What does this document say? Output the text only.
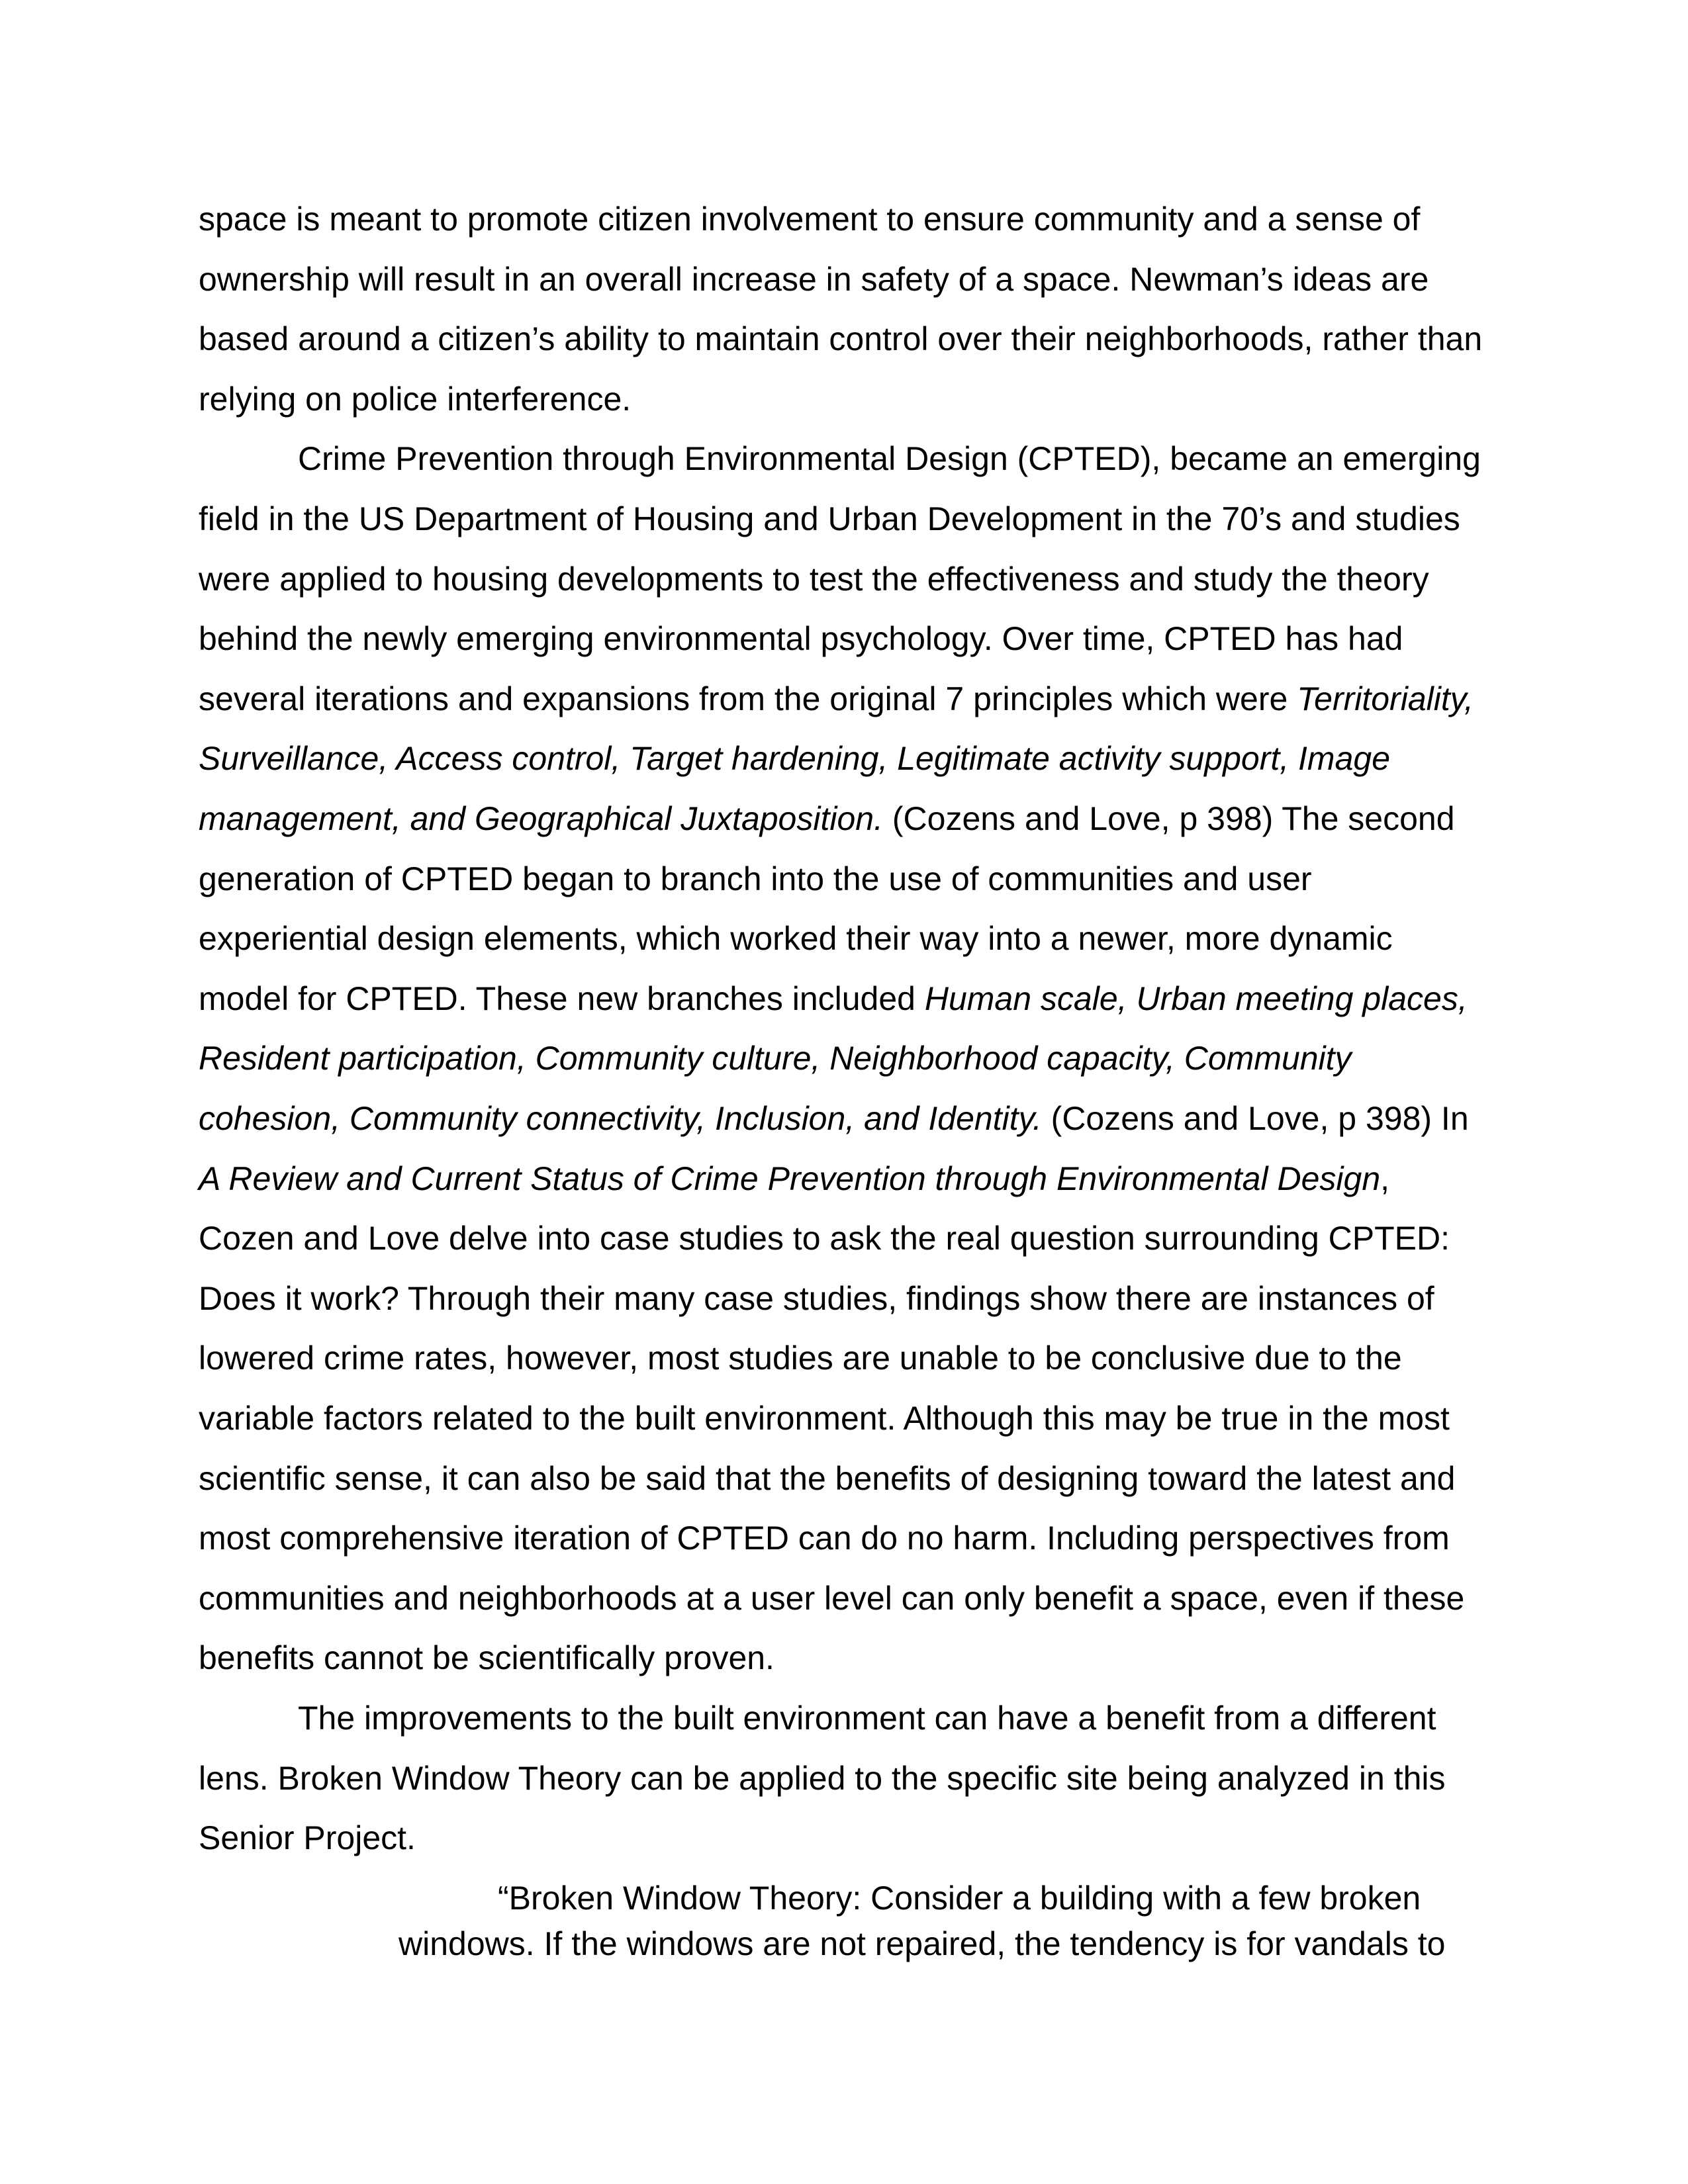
space is meant to promote citizen involvement to ensure community and a sense of
ownership will result in an overall increase in safety of a space. Newman’s ideas are
based around a citizen’s ability to maintain control over their neighborhoods, rather than
relying on police interference.
Crime Prevention through Environmental Design (CPTED), became an emerging
field in the US Department of Housing and Urban Development in the 70’s and studies
were applied to housing developments to test the effectiveness and study the theory
behind the newly emerging environmental psychology. Over time, CPTED has had
several iterations and expansions from the original 7 principles which were Territoriality,
Surveillance, Access control, Target hardening, Legitimate activity support, Image
management, and Geographical Juxtaposition. (Cozens and Love, p 398) The second
generation of CPTED began to branch into the use of communities and user
experiential design elements, which worked their way into a newer, more dynamic
model for CPTED. These new branches included Human scale, Urban meeting places,
Resident participation, Community culture, Neighborhood capacity, Community
cohesion, Community connectivity, Inclusion, and Identity. (Cozens and Love, p 398) In
A Review and Current Status of Crime Prevention through Environmental Design,
Cozen and Love delve into case studies to ask the real question surrounding CPTED:
Does it work? Through their many case studies, findings show there are instances of
lowered crime rates, however, most studies are unable to be conclusive due to the
variable factors related to the built environment. Although this may be true in the most
scientific sense, it can also be said that the benefits of designing toward the latest and
most comprehensive iteration of CPTED can do no harm. Including perspectives from
communities and neighborhoods at a user level can only benefit a space, even if these
benefits cannot be scientifically proven.
The improvements to the built environment can have a benefit from a different
lens. Broken Window Theory can be applied to the specific site being analyzed in this
Senior Project.
“Broken Window Theory: Consider a building with a few broken
windows. If the windows are not repaired, the tendency is for vandals to
